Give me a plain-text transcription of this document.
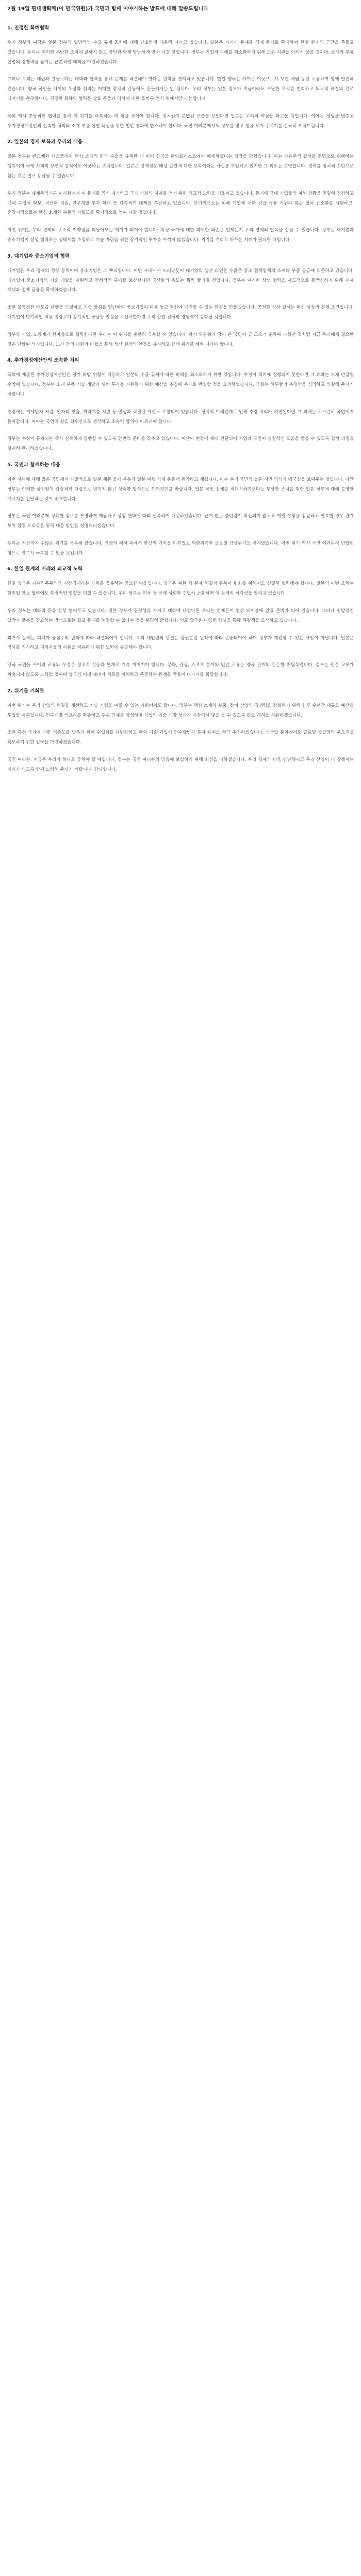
7월 19일 편대생략체(이 민국위원)가 국민과 함께 이야기하는 발표에 대해 말씀드립니다
1. 진정한 화해협력

우리 정부와 여당은 일본 정부의 일방적인 수출 규제 조치에 대해 단호하게 대응해 나가고 있습니다. 일본은 과거사 문제를 경제 문제로 확대하며 한일 관계의 근간을 흔들고 있습니다. 우리는 이러한 부당한 조치에 굴하지 않고 국민과 함께 당당하게 맞서 나갈 것입니다. 정부는 기업의 피해를 최소화하기 위해 모든 지원을 아끼지 않을 것이며, 소재와 부품 산업의 경쟁력을 높이는 근본적인 대책을 마련하겠습니다.

그러나 우리는 대립과 갈등보다는 대화와 협력을 통해 문제를 해결해야 한다는 원칙을 견지하고 있습니다. 한일 양국은 가까운 이웃으로서 오랜 세월 동안 교류하며 함께 발전해 왔습니다. 양국 국민들 사이의 우정과 신뢰는 어떠한 정치적 갈등에도 흔들려서는 안 됩니다. 우리 정부는 일본 정부가 지금이라도 부당한 조치를 철회하고 외교적 해결의 길로 나서기를 촉구합니다. 진정한 화해와 협력은 상호 존중과 역사에 대한 올바른 인식 위에서만 가능합니다.

국회 역시 초당적인 협력을 통해 이 위기를 극복하는 데 힘을 모아야 합니다. 정치권이 분열된 모습을 보인다면 일본은 우리의 약점을 파고들 것입니다. 여야는 정쟁을 멈추고 추가경정예산안의 신속한 처리와 소재 부품 산업 육성을 위한 법안 통과에 협조해야 합니다. 국민 여러분께서도 정부를 믿고 힘을 모아 주시기를 간곡히 부탁드립니다.

2. 일본의 경제 보복과 우리의 대응

일본 정부는 반도체와 디스플레이 핵심 소재의 한국 수출을 규제한 데 이어 한국을 화이트리스트에서 배제하겠다는 입장을 밝혔습니다. 이는 자유무역 질서를 정면으로 위배하는 행위이며 국제 사회의 보편적 원칙에도 어긋나는 조치입니다. 일본은 강제징용 배상 판결에 대한 보복이라는 사실을 부인하고 있지만 그 의도는 분명합니다. 경제를 정치의 수단으로 삼는 것은 결코 용납될 수 없습니다.

우리 정부는 세계무역기구 이사회에서 이 문제를 공식 제기하고 국제 사회의 지지를 얻기 위한 외교적 노력을 기울이고 있습니다. 동시에 국내 기업들의 피해 상황을 면밀히 점검하고 대체 수입처 확보, 국산화 지원, 연구개발 투자 확대 등 다각적인 대책을 추진하고 있습니다. 단기적으로는 피해 기업에 대한 긴급 금융 지원과 통관 절차 간소화를 시행하고, 중장기적으로는 핵심 소재와 부품의 자립도를 획기적으로 높여 나갈 것입니다.

이번 위기는 우리 경제의 구조적 취약점을 되돌아보는 계기가 되어야 합니다. 특정 국가에 대한 과도한 의존은 언제든지 우리 경제의 발목을 잡을 수 있습니다. 정부는 대기업과 중소기업이 상생 협력하는 생태계를 조성하고 기술 자립을 위한 장기적인 투자를 아끼지 않겠습니다. 위기를 기회로 바꾸는 지혜가 필요한 때입니다.

3. 대기업과 중소기업의 협력

대기업은 우리 경제의 성장 동력이며 중소기업은 그 뿌리입니다. 이번 사태에서 드러났듯이 대기업의 생산 라인은 수많은 중소 협력업체의 소재와 부품 공급에 의존하고 있습니다. 대기업이 중소기업의 기술 개발을 지원하고 안정적인 구매를 보장한다면 국산화의 속도는 훨씬 빨라질 것입니다. 정부는 이러한 상생 협력을 제도적으로 뒷받침하기 위해 세제 혜택과 정책 금융을 확대하겠습니다.

또한 불공정한 하도급 관행을 근절하고 기술 탈취를 엄단하여 중소기업이 마음 놓고 혁신에 매진할 수 있는 환경을 만들겠습니다. 공정한 시장 질서는 혁신 성장의 전제 조건입니다. 대기업이 단기적인 비용 절감보다 장기적인 공급망 안정을 우선시한다면 우리 산업 전체의 경쟁력이 강화될 것입니다.

정부와 기업, 노동계가 한마음으로 협력한다면 우리는 이 위기를 충분히 극복할 수 있습니다. 과거 외환위기 당시 온 국민이 금 모으기 운동에 나섰던 것처럼 지금 우리에게 필요한 것은 단합된 의지입니다. 노사 간의 대화와 타협을 통해 생산 현장의 안정을 유지하고 함께 위기를 헤쳐 나가야 합니다.

4. 추가경정예산안의 조속한 처리

국회에 제출된 추가경정예산안은 경기 하방 위험에 대응하고 일본의 수출 규제에 따른 피해를 최소화하기 위한 것입니다. 추경이 적기에 집행되지 못한다면 그 효과는 크게 반감될 수밖에 없습니다. 정부는 소재 부품 기술 개발과 설비 투자를 지원하기 위한 예산을 추경에 추가로 반영할 것을 요청하였습니다. 국회는 하루빨리 추경안을 심의하고 의결해 주시기 바랍니다.

추경에는 미세먼지 저감, 일자리 창출, 취약계층 지원 등 민생과 직결된 예산도 포함되어 있습니다. 정치적 이해관계로 인해 추경 처리가 지연된다면 그 피해는 고스란히 국민에게 돌아갑니다. 여야는 국민의 삶을 최우선으로 생각하고 조속히 합의에 이르러야 합니다.

정부는 추경이 통과되는 즉시 신속하게 집행할 수 있도록 만반의 준비를 갖추고 있습니다. 예산이 현장에 제때 전달되어 기업과 국민이 실질적인 도움을 받을 수 있도록 집행 과정을 철저히 관리하겠습니다.

5. 국민과 함께하는 대응

이번 사태에 대해 많은 국민께서 자발적으로 일본 제품 불매 운동과 일본 여행 자제 운동에 동참하고 계십니다. 이는 우리 국민의 높은 시민 의식과 애국심을 보여주는 것입니다. 다만 정부는 이러한 움직임이 감정적인 대립으로 번지지 않고 성숙한 방식으로 이어지기를 바랍니다. 일본 국민 전체를 적대시하기보다는 부당한 조치를 취한 일본 정부에 대해 분명한 메시지를 전달하는 것이 중요합니다.

정부는 국민 여러분께 정확한 정보를 투명하게 제공하고 상황 변화에 따라 신속하게 대응하겠습니다. 근거 없는 불안감이 확산되지 않도록 매일 상황을 점검하고 필요한 경우 관계 부처 합동 브리핑을 통해 대응 방안을 설명드리겠습니다.

우리는 지금까지 수많은 위기를 극복해 왔습니다. 전쟁의 폐허 속에서 한강의 기적을 이루었고 외환위기와 글로벌 금융위기도 이겨냈습니다. 이번 위기 역시 국민 여러분의 단합된 힘으로 반드시 극복할 수 있을 것입니다.

6. 한일 관계의 미래와 외교적 노력

한일 양국은 자유민주주의와 시장경제라는 가치를 공유하는 중요한 이웃입니다. 양국은 북한 핵 문제 해결과 동북아 평화를 위해서도 긴밀히 협력해야 합니다. 일본의 이번 조치는 한미일 안보 협력에도 부정적인 영향을 미칠 수 있습니다. 우리 정부는 미국 등 국제 사회와 긴밀히 소통하며 이 문제의 심각성을 알리고 있습니다.

우리 정부는 대화의 문을 항상 열어두고 있습니다. 일본 정부가 진정성을 가지고 대화에 나선다면 우리는 언제든지 협상 테이블에 앉을 준비가 되어 있습니다. 그러나 일방적인 압박과 굴복을 강요하는 방식으로는 결코 문제를 해결할 수 없다는 점을 분명히 밝힙니다. 외교 당국은 다양한 채널을 통해 해결책을 모색하고 있습니다.

과거사 문제는 피해자 중심주의 원칙에 따라 해결되어야 합니다. 우리 대법원의 판결은 삼권분립 원칙에 따라 존중되어야 하며 정부가 개입할 수 있는 사안이 아닙니다. 일본은 역사를 직시하고 피해자들의 아픔을 치유하기 위한 노력에 동참해야 합니다.

양국 국민들 사이의 교류와 우정은 정치적 갈등과 별개로 계속 이어져야 합니다. 문화, 관광, 스포츠 분야의 민간 교류는 양국 관계의 든든한 버팀목입니다. 정부는 민간 교류가 위축되지 않도록 노력할 것이며 양국의 미래 세대가 서로를 이해하고 존중하는 관계를 만들어 나가기를 희망합니다.

7. 위기를 기회로

이번 위기는 우리 산업의 체질을 개선하고 기술 자립을 이룰 수 있는 기회이기도 합니다. 정부는 핵심 소재와 부품, 장비 산업의 경쟁력을 강화하기 위해 향후 수년간 대규모 예산을 투입할 계획입니다. 연구개발 인프라를 확충하고 우수 인재를 양성하며 기업의 기술 개발 성과가 시장에서 빛을 볼 수 있도록 판로 개척을 지원하겠습니다.

또한 특정 국가에 대한 의존도를 낮추기 위해 수입처를 다변화하고 해외 기술 기업의 인수합병과 투자 유치도 적극 추진하겠습니다. 신산업 분야에서도 글로벌 공급망의 주도권을 확보하기 위한 전략을 마련하겠습니다.

국민 여러분, 지금은 우리가 하나로 뭉쳐야 할 때입니다. 정부는 국민 여러분의 믿음에 보답하기 위해 최선을 다하겠습니다. 우리 경제가 더욱 단단해지고 우리 산업이 더 강해지는 계기가 되도록 함께 노력해 주시기 바랍니다. 감사합니다.
